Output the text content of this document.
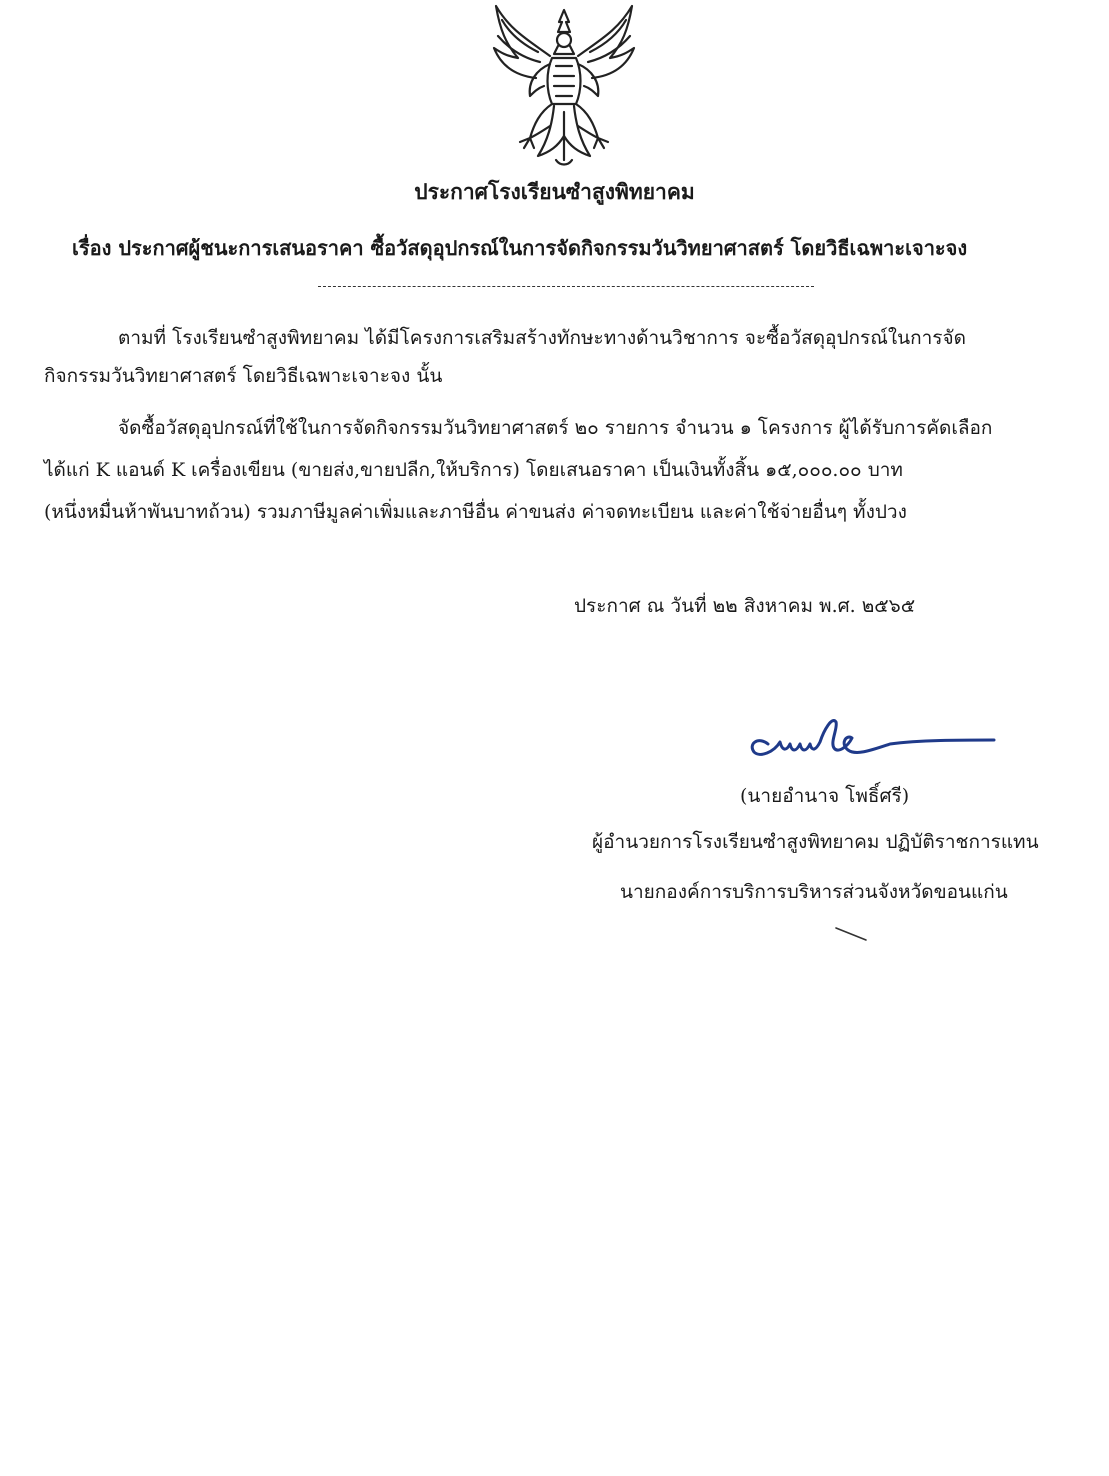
ประกาศโรงเรียนซำสูงพิทยาคม
เรื่อง ประกาศผู้ชนะการเสนอราคา ซื้อวัสดุอุปกรณ์ในการจัดกิจกรรมวันวิทยาศาสตร์ โดยวิธีเฉพาะเจาะจง
ตามที่ โรงเรียนซำสูงพิทยาคม ได้มีโครงการเสริมสร้างทักษะทางด้านวิชาการ จะซื้อวัสดุอุปกรณ์ในการจัด
กิจกรรมวันวิทยาศาสตร์ โดยวิธีเฉพาะเจาะจง นั้น
จัดซื้อวัสดุอุปกรณ์ที่ใช้ในการจัดกิจกรรมวันวิทยาศาสตร์ ๒๐ รายการ จำนวน ๑ โครงการ ผู้ได้รับการคัดเลือก
ได้แก่ K แอนด์ K เครื่องเขียน (ขายส่ง,ขายปลีก,ให้บริการ) โดยเสนอราคา เป็นเงินทั้งสิ้น ๑๕,๐๐๐.๐๐ บาท
(หนึ่งหมื่นห้าพันบาทถ้วน) รวมภาษีมูลค่าเพิ่มและภาษีอื่น ค่าขนส่ง ค่าจดทะเบียน และค่าใช้จ่ายอื่นๆ ทั้งปวง
ประกาศ ณ วันที่ ๒๒ สิงหาคม พ.ศ. ๒๕๖๕
(นายอำนาจ โพธิ์ศรี)
ผู้อำนวยการโรงเรียนซำสูงพิทยาคม ปฏิบัติราชการแทน
นายกองค์การบริการบริหารส่วนจังหวัดขอนแก่น
